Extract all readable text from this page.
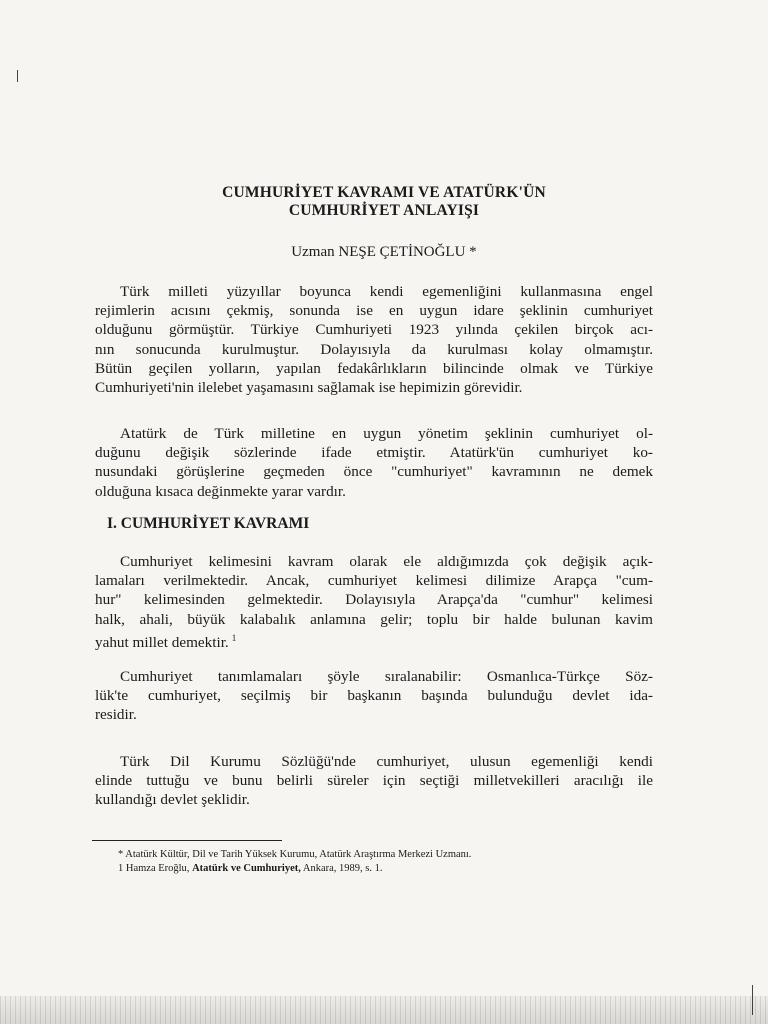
CUMHURİYET KAVRAMI VE ATATÜRK'ÜN
CUMHURİYET ANLAYIŞI
Uzman NEŞE ÇETİNOĞLU *
Türk milleti yüzyıllar boyunca kendi egemenliğini kullanmasına engel
rejimlerin acısını çekmiş, sonunda ise en uygun idare şeklinin cumhuriyet
olduğunu görmüştür. Türkiye Cumhuriyeti 1923 yılında çekilen birçok acı-
nın sonucunda kurulmuştur. Dolayısıyla da kurulması kolay olmamıştır.
Bütün geçilen yolların, yapılan fedakârlıkların bilincinde olmak ve Türkiye
Cumhuriyeti'nin ilelebet yaşamasını sağlamak ise hepimizin görevidir.
Atatürk de Türk milletine en uygun yönetim şeklinin cumhuriyet ol-
duğunu değişik sözlerinde ifade etmiştir. Atatürk'ün cumhuriyet ko-
nusundaki görüşlerine geçmeden önce "cumhuriyet" kavramının ne demek
olduğuna kısaca değinmekte yarar vardır.
I. CUMHURİYET KAVRAMI
Cumhuriyet kelimesini kavram olarak ele aldığımızda çok değişik açık-
lamaları verilmektedir. Ancak, cumhuriyet kelimesi dilimize Arapça "cum-
hur" kelimesinden gelmektedir. Dolayısıyla Arapça'da "cumhur" kelimesi
halk, ahali, büyük kalabalık anlamına gelir; toplu bir halde bulunan kavim
yahut millet demektir. $^1$
Cumhuriyet tanımlamaları şöyle sıralanabilir: Osmanlıca-Türkçe Söz-
lük'te cumhuriyet, seçilmiş bir başkanın başında bulunduğu devlet ida-
residir.
Türk Dil Kurumu Sözlüğü'nde cumhuriyet, ulusun egemenliği kendi
elinde tuttuğu ve bunu belirli süreler için seçtiği milletvekilleri aracılığı ile
kullandığı devlet şeklidir.
* Atatürk Kültür, Dil ve Tarih Yüksek Kurumu, Atatürk Araştırma Merkezi Uzmanı.
1 Hamza Eroğlu, Atatürk ve Cumhuriyet, Ankara, 1989, s. 1.
